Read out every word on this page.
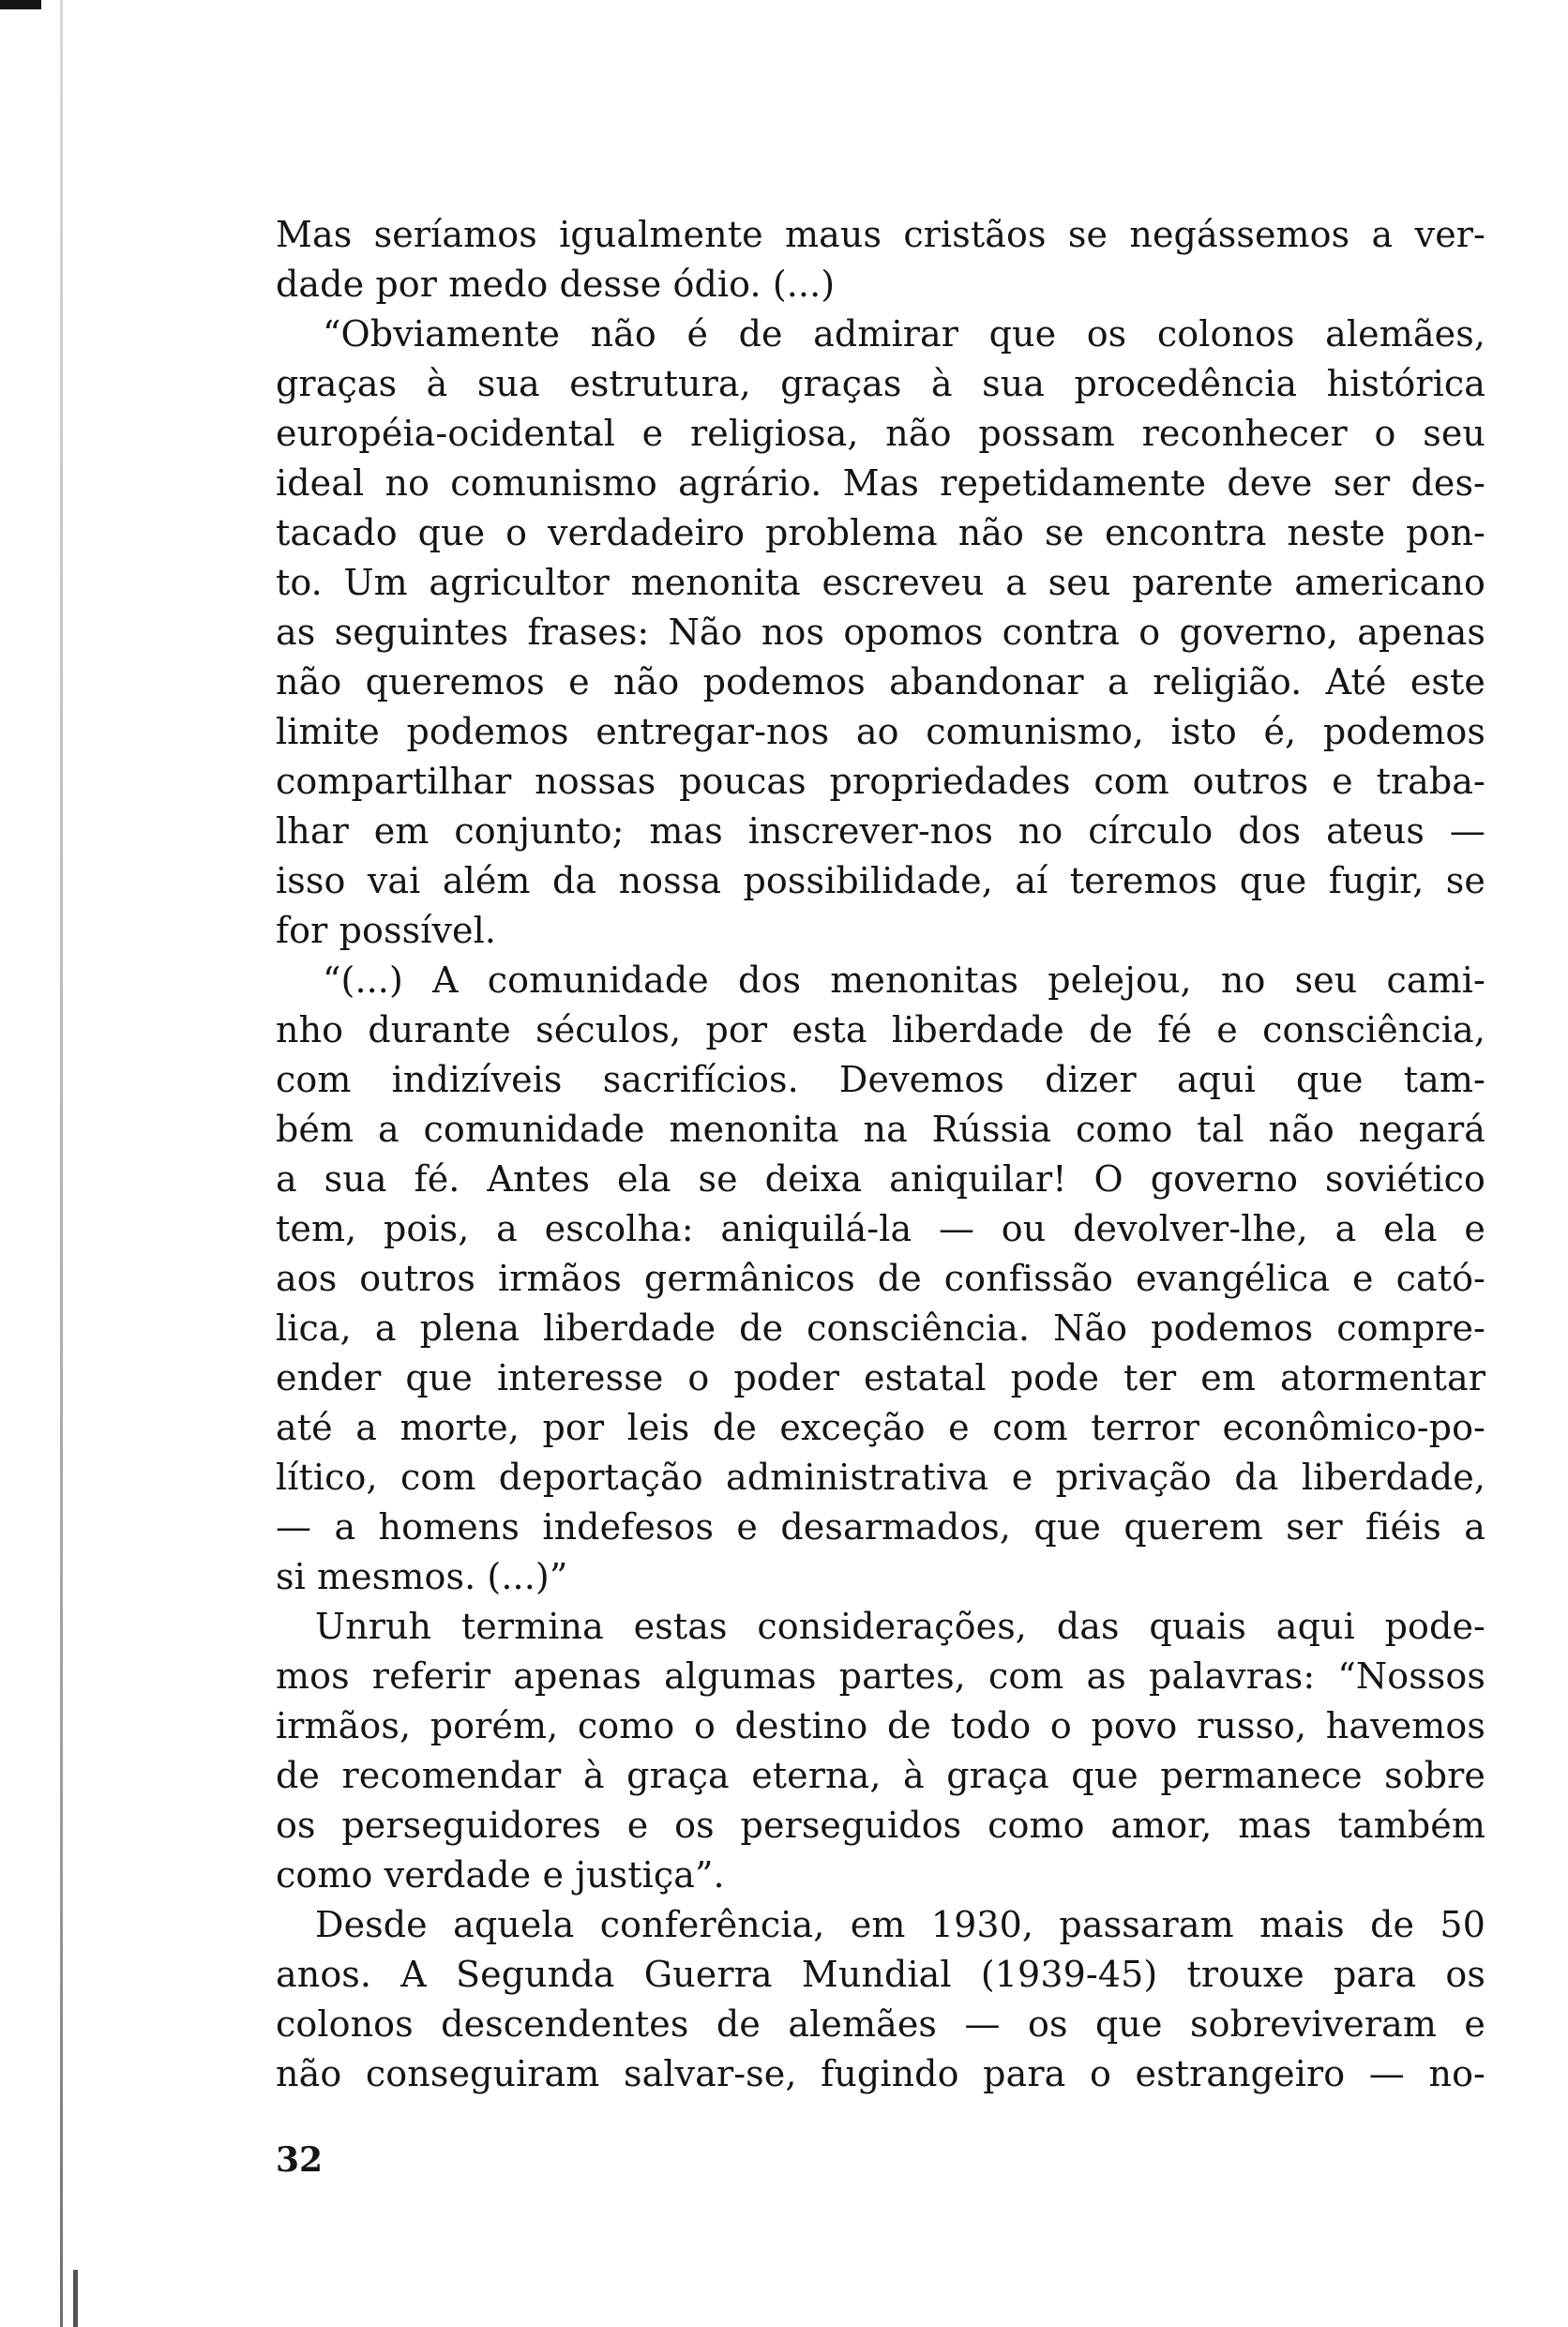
Mas seríamos igualmente maus cristãos se negássemos a ver-

dade por medo desse ódio. (...)

“Obviamente não é de admirar que os colonos alemães,

graças à sua estrutura, graças à sua procedência histórica

européia-ocidental e religiosa, não possam reconhecer o seu

ideal no comunismo agrário. Mas repetidamente deve ser des-

tacado que o verdadeiro problema não se encontra neste pon-

to. Um agricultor menonita escreveu a seu parente americano

as seguintes frases: Não nos opomos contra o governo, apenas

não queremos e não podemos abandonar a religião. Até este

limite podemos entregar-nos ao comunismo, isto é, podemos

compartilhar nossas poucas propriedades com outros e traba-

lhar em conjunto; mas inscrever-nos no círculo dos ateus —

isso vai além da nossa possibilidade, aí teremos que fugir, se

for possível.

“(...) A comunidade dos menonitas pelejou, no seu cami-

nho durante séculos, por esta liberdade de fé e consciência,

com indizíveis sacrifícios. Devemos dizer aqui que tam-

bém a comunidade menonita na Rússia como tal não negará

a sua fé. Antes ela se deixa aniquilar! O governo soviético

tem, pois, a escolha: aniquilá-la — ou devolver-lhe, a ela e

aos outros irmãos germânicos de confissão evangélica e cató-

lica, a plena liberdade de consciência. Não podemos compre-

ender que interesse o poder estatal pode ter em atormentar

até a morte, por leis de exceção e com terror econômico-po-

lítico, com deportação administrativa e privação da liberdade,

— a homens indefesos e desarmados, que querem ser fiéis a

si mesmos. (...)”

Unruh termina estas considerações, das quais aqui pode-

mos referir apenas algumas partes, com as palavras: “Nossos

irmãos, porém, como o destino de todo o povo russo, havemos

de recomendar à graça eterna, à graça que permanece sobre

os perseguidores e os perseguidos como amor, mas também

como verdade e justiça”.

Desde aquela conferência, em 1930, passaram mais de 50

anos. A Segunda Guerra Mundial (1939-45) trouxe para os

colonos descendentes de alemães — os que sobreviveram e

não conseguiram salvar-se, fugindo para o estrangeiro — no-

32
